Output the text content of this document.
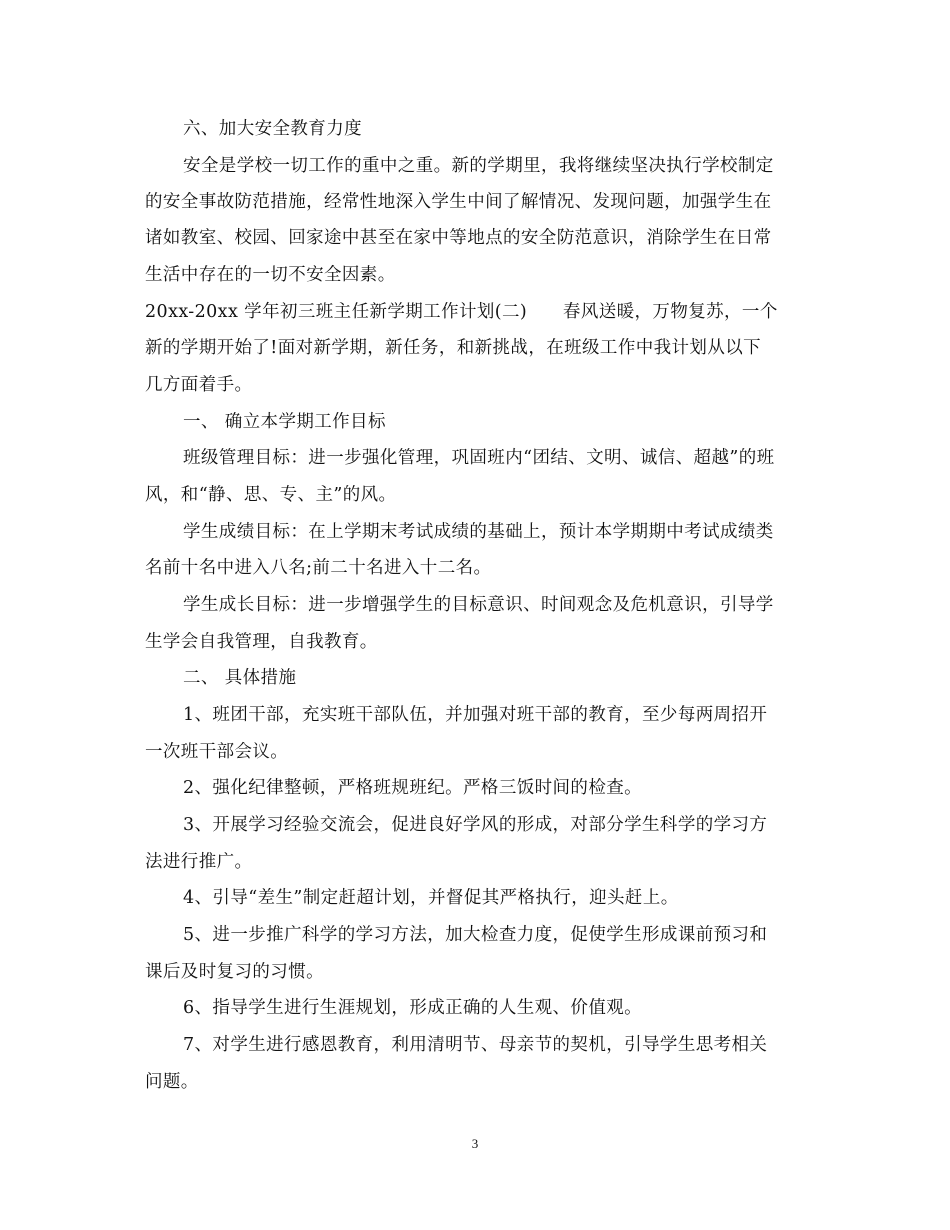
六、加大安全教育力度
安全是学校一切工作的重中之重。新的学期里，我将继续坚决执行学校制定
的安全事故防范措施，经常性地深入学生中间了解情况、发现问题，加强学生在
诸如教室、校园、回家途中甚至在家中等地点的安全防范意识，消除学生在日常
生活中存在的一切不安全因素。
20xx-20xx 学年初三班主任新学期工作计划(二)　　春风送暖，万物复苏，一个
新的学期开始了!面对新学期，新任务，和新挑战，在班级工作中我计划从以下
几方面着手。
一、 确立本学期工作目标
班级管理目标：进一步强化管理，巩固班内“团结、文明、诚信、超越”的班
风，和“静、思、专、主”的风。
学生成绩目标：在上学期末考试成绩的基础上，预计本学期期中考试成绩类
名前十名中进入八名;前二十名进入十二名。
学生成长目标：进一步增强学生的目标意识、时间观念及危机意识，引导学
生学会自我管理，自我教育。
二、 具体措施
1、班团干部，充实班干部队伍，并加强对班干部的教育，至少每两周招开
一次班干部会议。
2、强化纪律整顿，严格班规班纪。严格三饭时间的检查。
3、开展学习经验交流会，促进良好学风的形成，对部分学生科学的学习方
法进行推广。
4、引导“差生”制定赶超计划，并督促其严格执行，迎头赶上。
5、进一步推广科学的学习方法，加大检查力度，促使学生形成课前预习和
课后及时复习的习惯。
6、指导学生进行生涯规划，形成正确的人生观、价值观。
7、对学生进行感恩教育，利用清明节、母亲节的契机，引导学生思考相关
问题。
3
